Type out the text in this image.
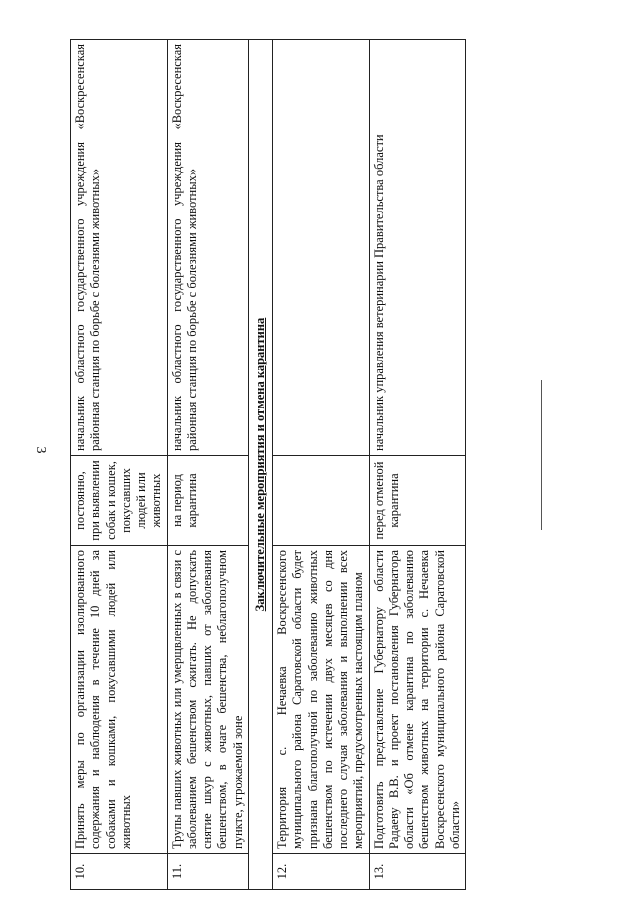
3
10.	Принять меры по организации изолированного содержания и наблюдения в течение 10 дней за собаками и кошками, покусавшими людей или животных	постоянно, при выявлении собак и кошек, покусавших людей или животных	начальник областного государственного учреждения «Воскресенская районная станция по борьбе с болезнями животных»
11.	Трупы павших животных или умерщвленных в связи с заболеванием бешенством сжигать. Не допускать снятие шкур с животных, павших от заболевания бешенством, в очаге бешенства, неблагополучном пункте, угрожаемой зоне	на период карантина	начальник областного государственного учреждения «Воскресенская районная станция по борьбе с болезнями животных»
Заключительные мероприятия и отмена карантина			
12.	Территория с. Нечаевка Воскресенского муниципального района Саратовской области будет признана благополучной по заболеванию животных бешенством по истечении двух месяцев со дня последнего случая заболевания и выполнении всех мероприятий, предусмотренных настоящим планом		
13.	Подготовить представление Губернатору области Радаеву В.В. и проект постановления Губернатора области «Об отмене карантина по заболеванию бешенством животных на территории с. Нечаевка Воскресенского муниципального района Саратовской области»	перед отменой карантина	начальник управления ветеринарии Правительства области
